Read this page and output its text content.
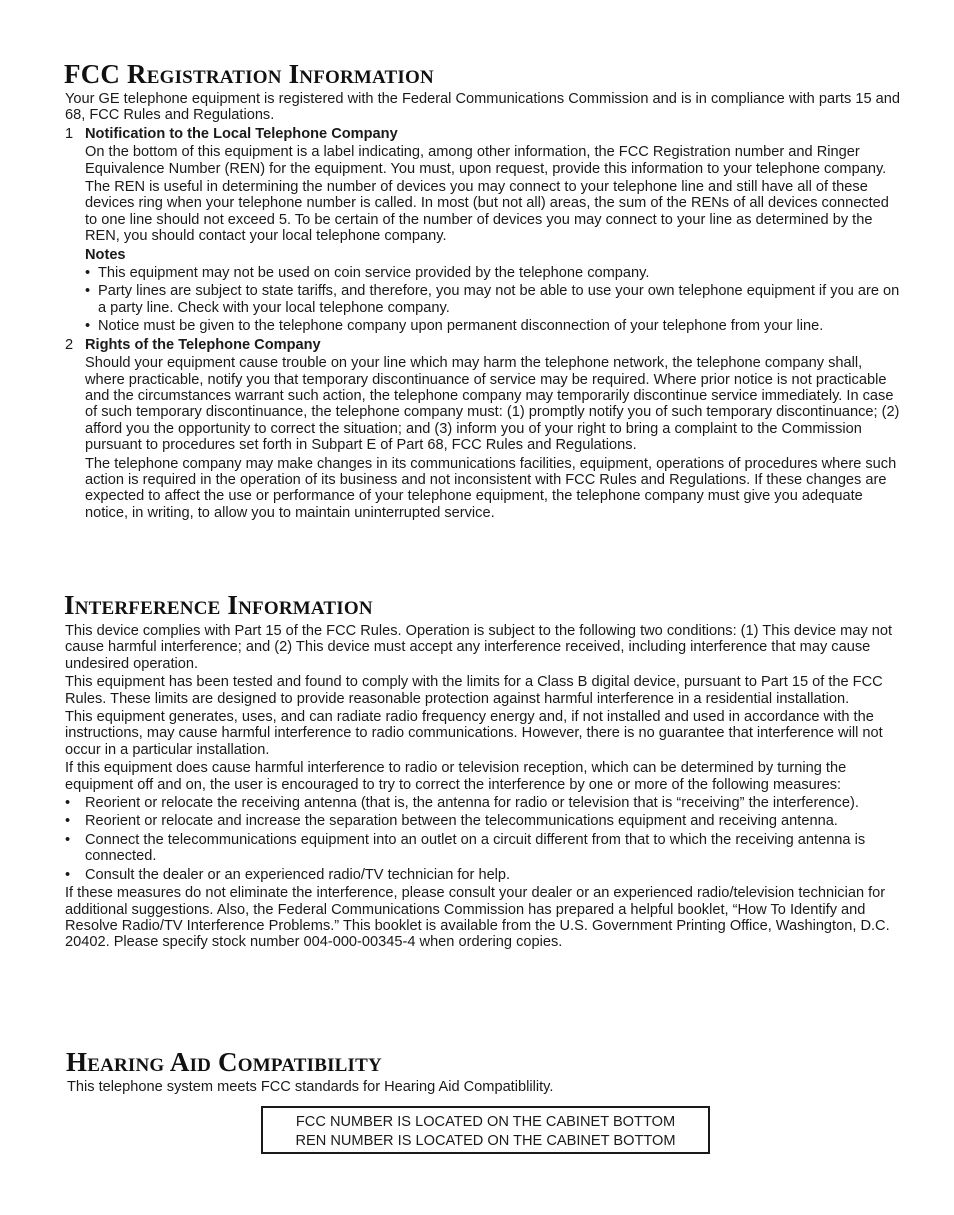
FCC Registration Information

Your GE telephone equipment is registered with the Federal Communications Commission and is in compliance with parts 15 and 68, FCC Rules and Regulations.

1 Notification to the Local Telephone Company

On the bottom of this equipment is a label indicating, among other information, the FCC Registration number and Ringer Equivalence Number (REN) for the equipment. You must, upon request, provide this information to your telephone company.

The REN is useful in determining the number of devices you may connect to your telephone line and still have all of these devices ring when your telephone number is called. In most (but not all) areas, the sum of the RENs of all devices connected to one line should not exceed 5. To be certain of the number of devices you may connect to your line as determined by the REN, you should contact your local telephone company.

Notes

• This equipment may not be used on coin service provided by the telephone company.
• Party lines are subject to state tariffs, and therefore, you may not be able to use your own telephone equipment if you are on a party line. Check with your local telephone company.
• Notice must be given to the telephone company upon permanent disconnection of your telephone from your line.
2 Rights of the Telephone Company

Should your equipment cause trouble on your line which may harm the telephone network, the telephone company shall, where practicable, notify you that temporary discontinuance of service may be required. Where prior notice is not practicable and the circumstances warrant such action, the telephone company may temporarily discontinue service immediately. In case of such temporary discontinuance, the telephone company must: (1) promptly notify you of such temporary discontinuance; (2) afford you the opportunity to correct the situation; and (3) inform you of your right to bring a complaint to the Commission pursuant to procedures set forth in Subpart E of Part 68, FCC Rules and Regulations.

The telephone company may make changes in its communications facilities, equipment, operations of procedures where such action is required in the operation of its business and not inconsistent with FCC Rules and Regulations. If these changes are expected to affect the use or performance of your telephone equipment, the telephone company must give you adequate notice, in writing, to allow you to maintain uninterrupted service.

Interference Information

This device complies with Part 15 of the FCC Rules. Operation is subject to the following two conditions: (1) This device may not cause harmful interference; and (2) This device must accept any interference received, including interference that may cause undesired operation.

This equipment has been tested and found to comply with the limits for a Class B digital device, pursuant to Part 15 of the FCC Rules. These limits are designed to provide reasonable protection against harmful interference in a residential installation.

This equipment generates, uses, and can radiate radio frequency energy and, if not installed and used in accordance with the instructions, may cause harmful interference to radio communications. However, there is no guarantee that interference will not occur in a particular installation.

If this equipment does cause harmful interference to radio or television reception, which can be determined by turning the equipment off and on, the user is encouraged to try to correct the interference by one or more of the following measures:

• Reorient or relocate the receiving antenna (that is, the antenna for radio or television that is “receiving” the interference).
• Reorient or relocate and increase the separation between the telecommunications equipment and receiving antenna.
• Connect the telecommunications equipment into an outlet on a circuit different from that to which the receiving antenna is connected.
• Consult the dealer or an experienced radio/TV technician for help.

If these measures do not eliminate the interference, please consult your dealer or an experienced radio/television technician for additional suggestions. Also, the Federal Communications Commission has prepared a helpful booklet, “How To Identify and Resolve Radio/TV Interference Problems.” This booklet is available from the U.S. Government Printing Office, Washington, D.C. 20402. Please specify stock number 004-000-00345-4 when ordering copies.

Hearing Aid Compatibility

This telephone system meets FCC standards for Hearing Aid Compatiblility.

FCC NUMBER IS LOCATED ON THE CABINET BOTTOM
REN NUMBER IS LOCATED ON THE CABINET BOTTOM
